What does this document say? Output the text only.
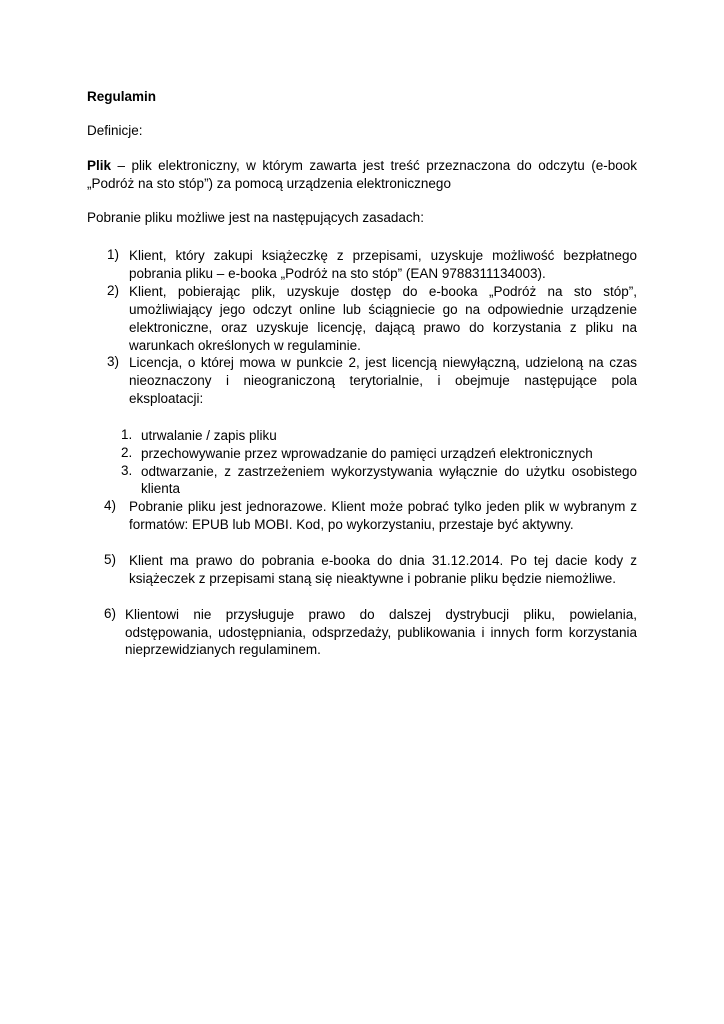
Regulamin
Definicje:
Plik – plik elektroniczny, w którym zawarta jest treść przeznaczona do odczytu (e-book
„Podróż na sto stóp”) za pomocą urządzenia elektronicznego
Pobranie pliku możliwe jest na następujących zasadach:
1) Klient, który zakupi książeczkę z przepisami, uzyskuje możliwość bezpłatnego
pobrania pliku – e-booka „Podróż na sto stóp” (EAN 9788311134003).
2) Klient, pobierając plik, uzyskuje dostęp do e-booka „Podróż na sto stóp”,
umożliwiający jego odczyt online lub ściągniecie go na odpowiednie urządzenie
elektroniczne, oraz uzyskuje licencję, dającą prawo do korzystania z pliku na
warunkach określonych w regulaminie.
3) Licencja, o której mowa w punkcie 2, jest licencją niewyłączną, udzieloną na czas
nieoznaczony i nieograniczoną terytorialnie, i obejmuje następujące pola
eksploatacji:
1. utrwalanie / zapis pliku
2. przechowywanie przez wprowadzanie do pamięci urządzeń elektronicznych
3. odtwarzanie, z zastrzeżeniem wykorzystywania wyłącznie do użytku osobistego
klienta
4) Pobranie pliku jest jednorazowe. Klient może pobrać tylko jeden plik w wybranym z
formatów: EPUB lub MOBI. Kod, po wykorzystaniu, przestaje być aktywny.
5) Klient ma prawo do pobrania e-booka do dnia 31.12.2014. Po tej dacie kody z
książeczek z przepisami staną się nieaktywne i pobranie pliku będzie niemożliwe.
6) Klientowi nie przysługuje prawo do dalszej dystrybucji pliku, powielania,
odstępowania, udostępniania, odsprzedaży, publikowania i innych form korzystania
nieprzewidzianych regulaminem.
